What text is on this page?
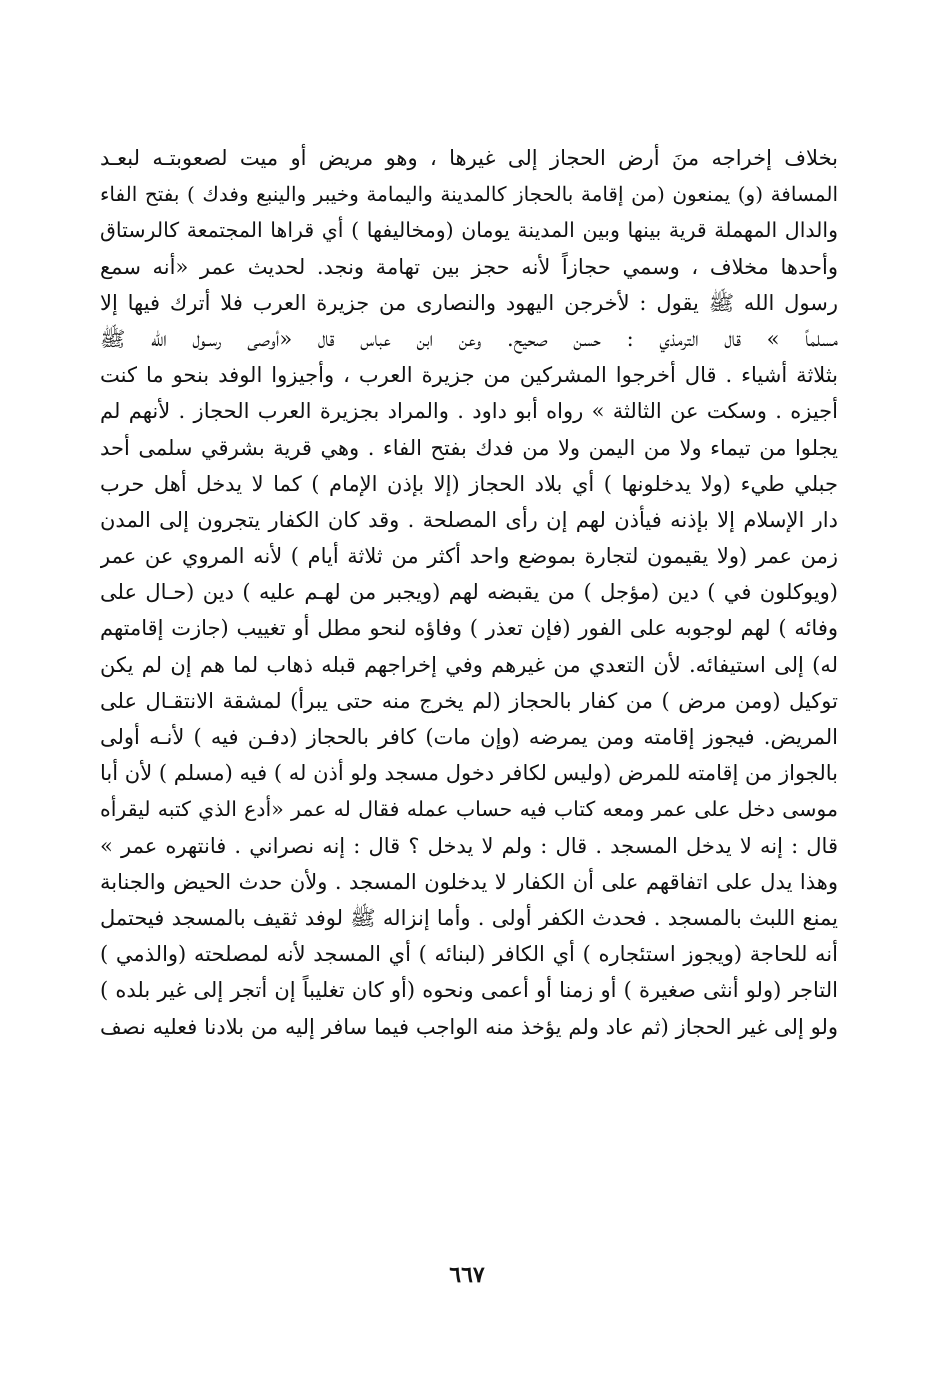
بخلاف إخراجه منَ أرض الحجاز إلى غيرها ، وهو مريض أو ميت لصعوبتـه لبعـد
المسافة (و) يمنعون (من إقامة بالحجاز كالمدينة واليمامة وخيبر والينبع وفدك ) بفتح الفاء
والدال المهملة قرية بينها وبين المدينة يومان (ومخاليفها ) أي قراها المجتمعة كالرستاق
وأحدها مخلاف ، وسمي حجازاً لأنه حجز بين تهامة ونجد. لحديث عمر «أنه سمع
رسول الله ﷺ يقول : لأخرجن اليهود والنصارى من جزيرة العرب فلا أترك فيها إلا
مسلماً » قال الترمذي : حسن صحيح. وعن ابن عباس قال «أوصى رسـول الله ﷺ
بثلاثة أشياء . قال أخرجوا المشركين من جزيرة العرب ، وأجيزوا الوفد بنحو ما كنت
أجيزه . وسكت عن الثالثة » رواه أبو داود . والمراد بجزيرة العرب الحجاز . لأنهم لم
يجلوا من تيماء ولا من اليمن ولا من فدك بفتح الفاء . وهي قرية بشرقي سلمى أحد
جبلي طيء (ولا يدخلونها ) أي بلاد الحجاز (إلا بإذن الإمام ) كما لا يدخل أهل حرب
دار الإسلام إلا بإذنه فيأذن لهم إن رأى المصلحة . وقد كان الكفار يتجرون إلى المدن
زمن عمر (ولا يقيمون لتجارة بموضع واحد أكثر من ثلاثة أيام ) لأنه المروي عن عمر
(ويوكلون في ) دين (مؤجل ) من يقبضه لهم (ويجبر من لهـم عليه ) دين (حـال على
وفائه ) لهم لوجوبه على الفور (فإن تعذر ) وفاؤه لنحو مطل أو تغييب (جازت إقامتهم
له) إلى استيفائه. لأن التعدي من غيرهم وفي إخراجهم قبله ذهاب لما هم إن لم يكن
توكيل (ومن مرض ) من كفار بالحجاز (لم يخرج منه حتى يبرأ) لمشقة الانتقـال على
المريض. فيجوز إقامته ومن يمرضه (وإن مات) كافر بالحجاز (دفـن فيه ) لأنـه أولى
بالجواز من إقامته للمرض (وليس لكافر دخول مسجد ولو أذن له ) فيه (مسلم ) لأن أبا
موسى دخل على عمر ومعه كتاب فيه حساب عمله فقال له عمر «أدع الذي كتبه ليقرأه
قال : إنه لا يدخل المسجد . قال : ولم لا يدخل ؟ قال : إنه نصراني . فانتهره عمر »
وهذا يدل على اتفاقهم على أن الكفار لا يدخلون المسجد . ولأن حدث الحيض والجنابة
يمنع اللبث بالمسجد . فحدث الكفر أولى . وأما إنزاله ﷺ لوفد ثقيف بالمسجد فيحتمل
أنه للحاجة (ويجوز استئجاره ) أي الكافر (لبنائه ) أي المسجد لأنه لمصلحته (والذمي )
التاجر (ولو أنثى صغيرة ) أو زمنا أو أعمى ونحوه (أو كان تغليباً إن أتجر إلى غير بلده )
ولو إلى غير الحجاز (ثم عاد ولم يؤخذ منه الواجب فيما سافر إليه من بلادنا فعليه نصف
٦٦٧
